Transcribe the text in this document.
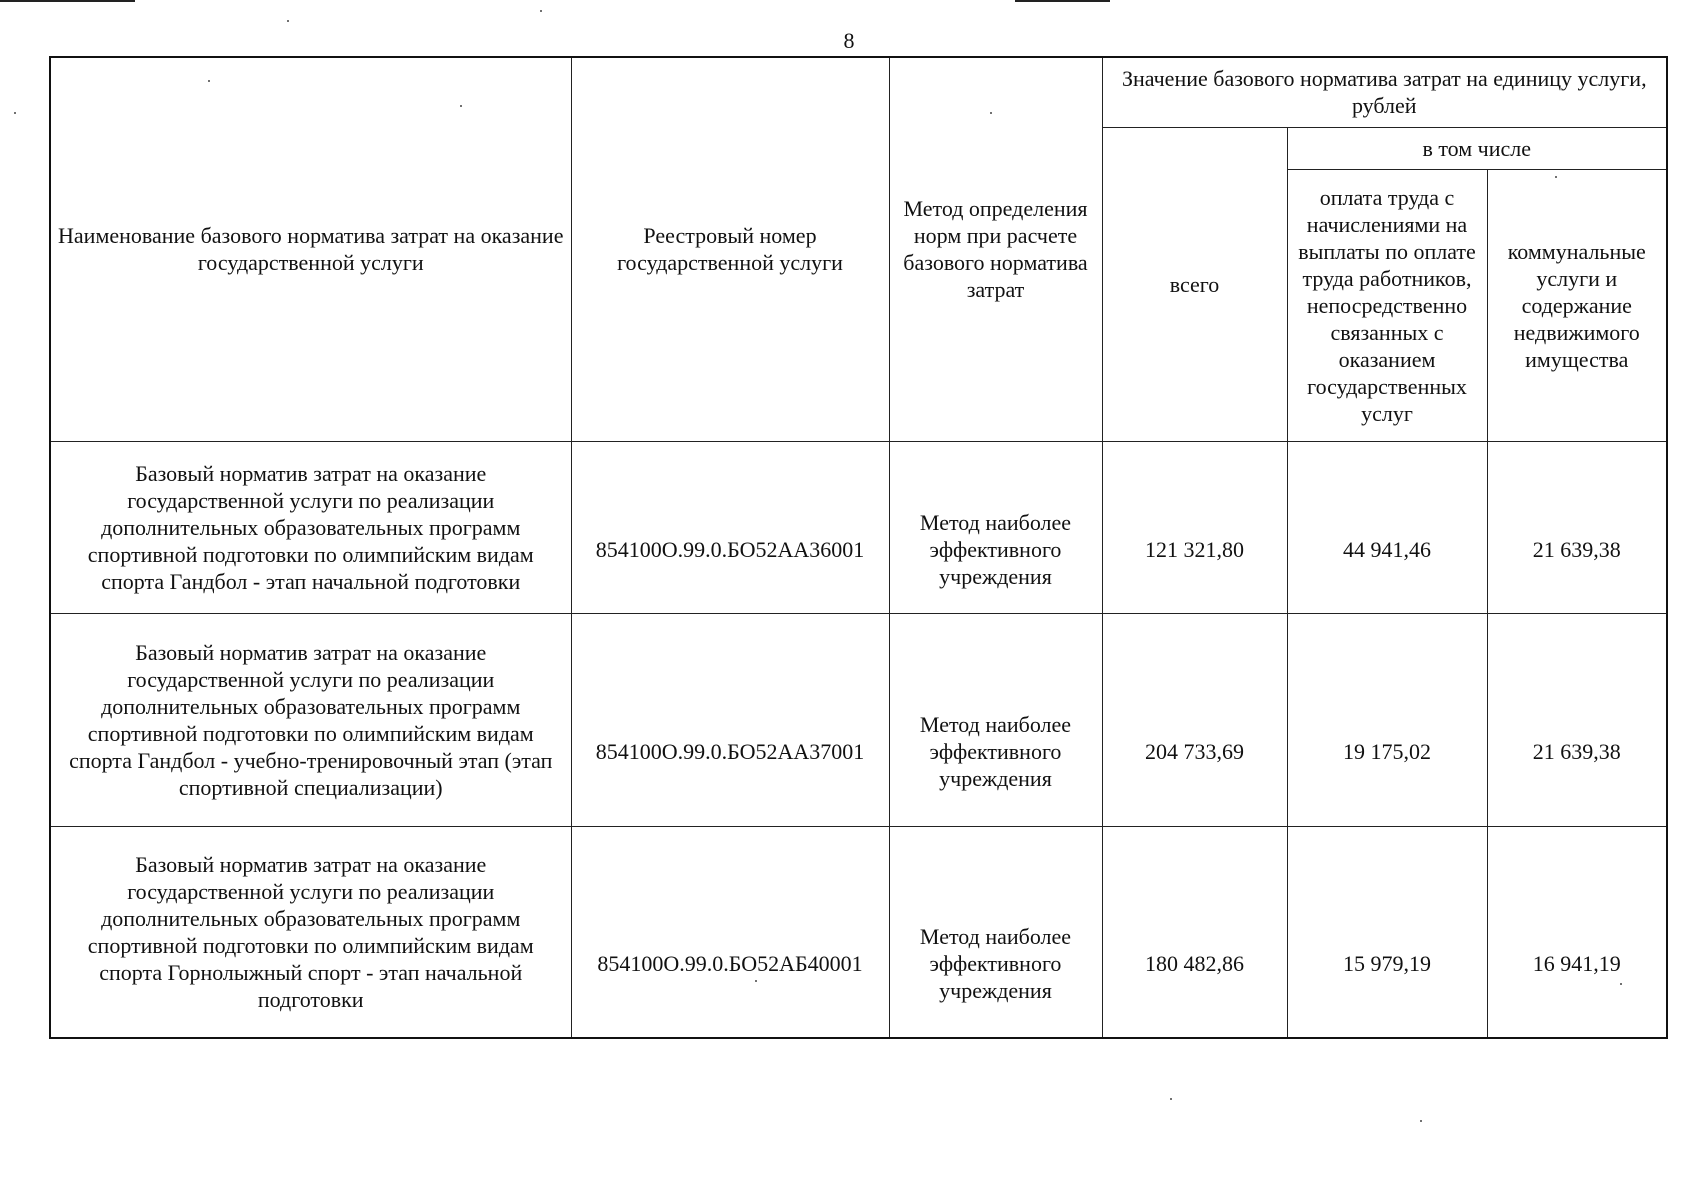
8
Наименование базового норматива затрат на оказание государственной услуги	Реестровый номер государственной услуги	Метод определения норм при расчете базового норматива затрат	Значение базового норматива затрат на единицу услуги, рублей		
			всего	в том числе	
				оплата труда с начислениями на выплаты по оплате труда работников, непосредственно связанных с оказанием государственных услуг	коммунальные услуги и содержание недвижимого имущества
Базовый норматив затрат на оказание государственной услуги по реализации дополнительных образовательных программ спортивной подготовки по олимпийским видам спорта Гандбол - этап начальной подготовки	854100О.99.0.БО52АА36001	Метод наиболее эффективного учреждения	121 321,80	44 941,46	21 639,38
Базовый норматив затрат на оказание государственной услуги по реализации дополнительных образовательных программ спортивной подготовки по олимпийским видам спорта Гандбол - учебно-тренировочный этап (этап спортивной специализации)	854100О.99.0.БО52АА37001	Метод наиболее эффективного учреждения	204 733,69	19 175,02	21 639,38
Базовый норматив затрат на оказание государственной услуги по реализации дополнительных образовательных программ спортивной подготовки по олимпийским видам спорта Горнолыжный спорт - этап начальной подготовки	854100О.99.0.БО52АБ40001	Метод наиболее эффективного учреждения	180 482,86	15 979,19	16 941,19
